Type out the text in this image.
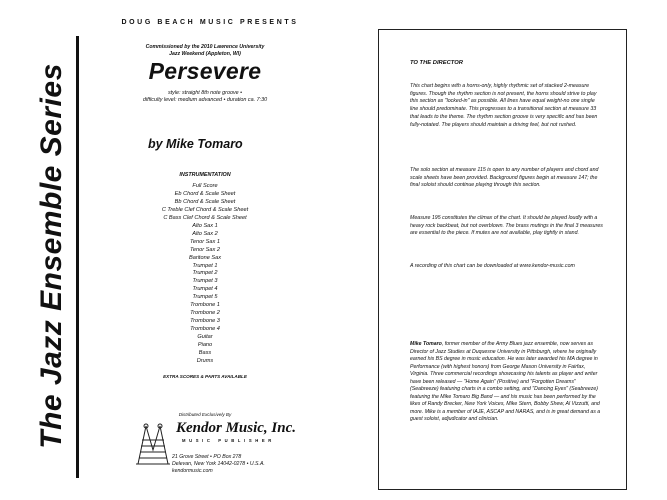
The Jazz Ensemble Series
DOUG BEACH MUSIC PRESENTS
Commissioned by the 2010 Lawrence University
Jazz Weekend (Appleton, WI)
Persevere
style: straight 8th note groove •
difficulty level: medium advanced • duration ca. 7:30
by Mike Tomaro
INSTRUMENTATION
Full Score
Eb Chord & Scale Sheet
Bb Chord & Scale Sheet
C Treble Clef Chord & Scale Sheet
C Bass Clef Chord & Scale Sheet
Alto Sax 1
Alto Sax 2
Tenor Sax 1
Tenor Sax 2
Baritone Sax
Trumpet 1
Trumpet 2
Trumpet 3
Trumpet 4
Trumpet 5
Trombone 1
Trombone 2
Trombone 3
Trombone 4
Guitar
Piano
Bass
Drums
EXTRA SCORES & PARTS AVAILABLE
Distributed Exclusively By
Kendor Music, Inc.
MUSIC PUBLISHER
21 Grove Street • PO Box 278
Delevan, New York 14042-0278 • U.S.A.
kendormusic.com
TO THE DIRECTOR

This chart begins with a horns-only, highly rhythmic set of stacked 2-measure figures. Though the rhythm section is not present, the horns should strive to play this section as "locked-in" as possible. All lines have equal weight-no one single line should predominate. This progresses to a transitional section at measure 33 that leads to the theme. The rhythm section groove is very specific and has been fully-notated. The players should maintain a driving feel, but not rushed.

The solo section at measure 115 is open to any number of players and chord and scale sheets have been provided. Background figures begin at measure 147; the final soloist should continue playing through this section.

Measure 195 constitutes the climax of the chart. It should be played loudly with a heavy rock backbeat, but not overblown. The brass mutings in the final 3 measures are essential to the piece. If mutes are not available, play tightly in stand.

A recording of this chart can be downloaded at www.kendor-music.com

Mike Tomaro, former member of the Army Blues jazz ensemble, now serves as Director of Jazz Studies at Duquesne University in Pittsburgh, where he originally earned his BS degree in music education. He was later awarded his MA degree in Performance (with highest honors) from George Mason University in Fairfax, Virginia. Three commercial recordings showcasing his talents as player and writer have been released — "Home Again" (Positive) and "Forgotten Dreams" (Seabreeze) featuring charts in a combo setting, and "Dancing Eyes" (Seabreeze) featuring the Mike Tomaro Big Band — and his music has been performed by the likes of Randy Brecker, New York Voices, Mike Stern, Bobby Shew, Al Vizzutti, and more. Mike is a member of IAJE, ASCAP and NARAS, and is in great demand as a guest soloist, adjudicator and clinician.
